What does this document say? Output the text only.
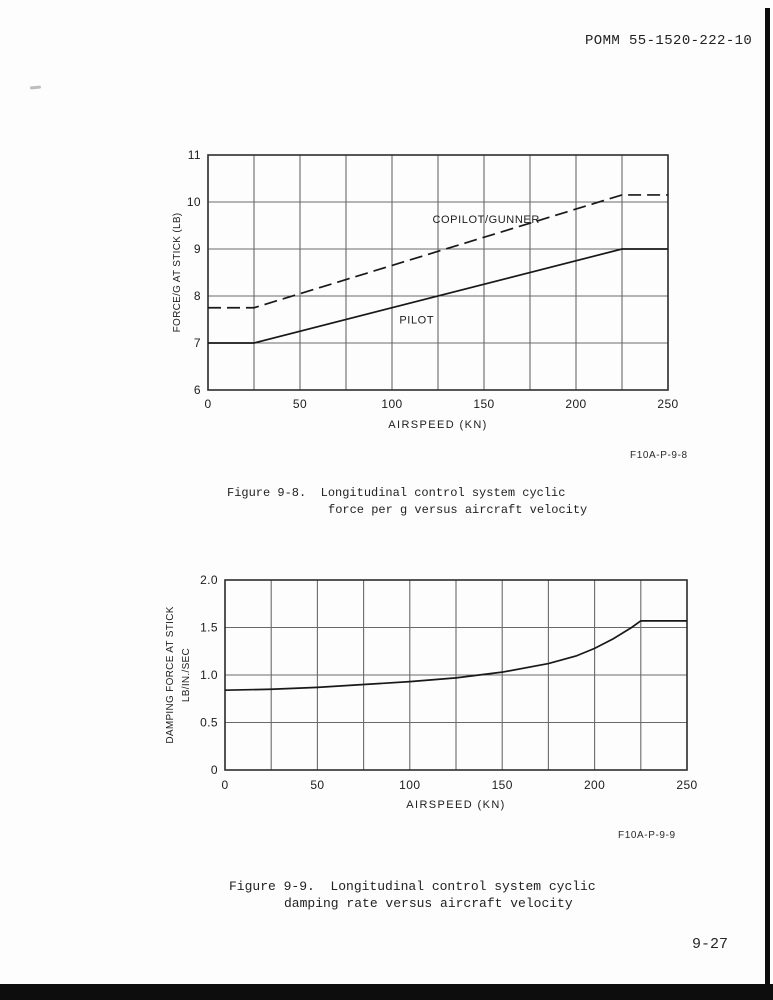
POMM 55-1520-222-10
0	50	100	150	200	250
6
7
8
9
10
11
AIRSPEED (KN)
FORCE/G AT STICK (LB)	PILOT
COPILOT/GUNNER
F10A-P-9-8
Figure 9-8.  Longitudinal control system cyclic
force per g versus aircraft velocity
0	50	100	150	200	250
0
0.5
1.0
1.5
2.0
AIRSPEED (KN)
DAMPING FORCE AT STICK LB/IN./SEC
F10A-P-9-9
Figure 9-9.  Longitudinal control system cyclic
damping rate versus aircraft velocity
9-27
